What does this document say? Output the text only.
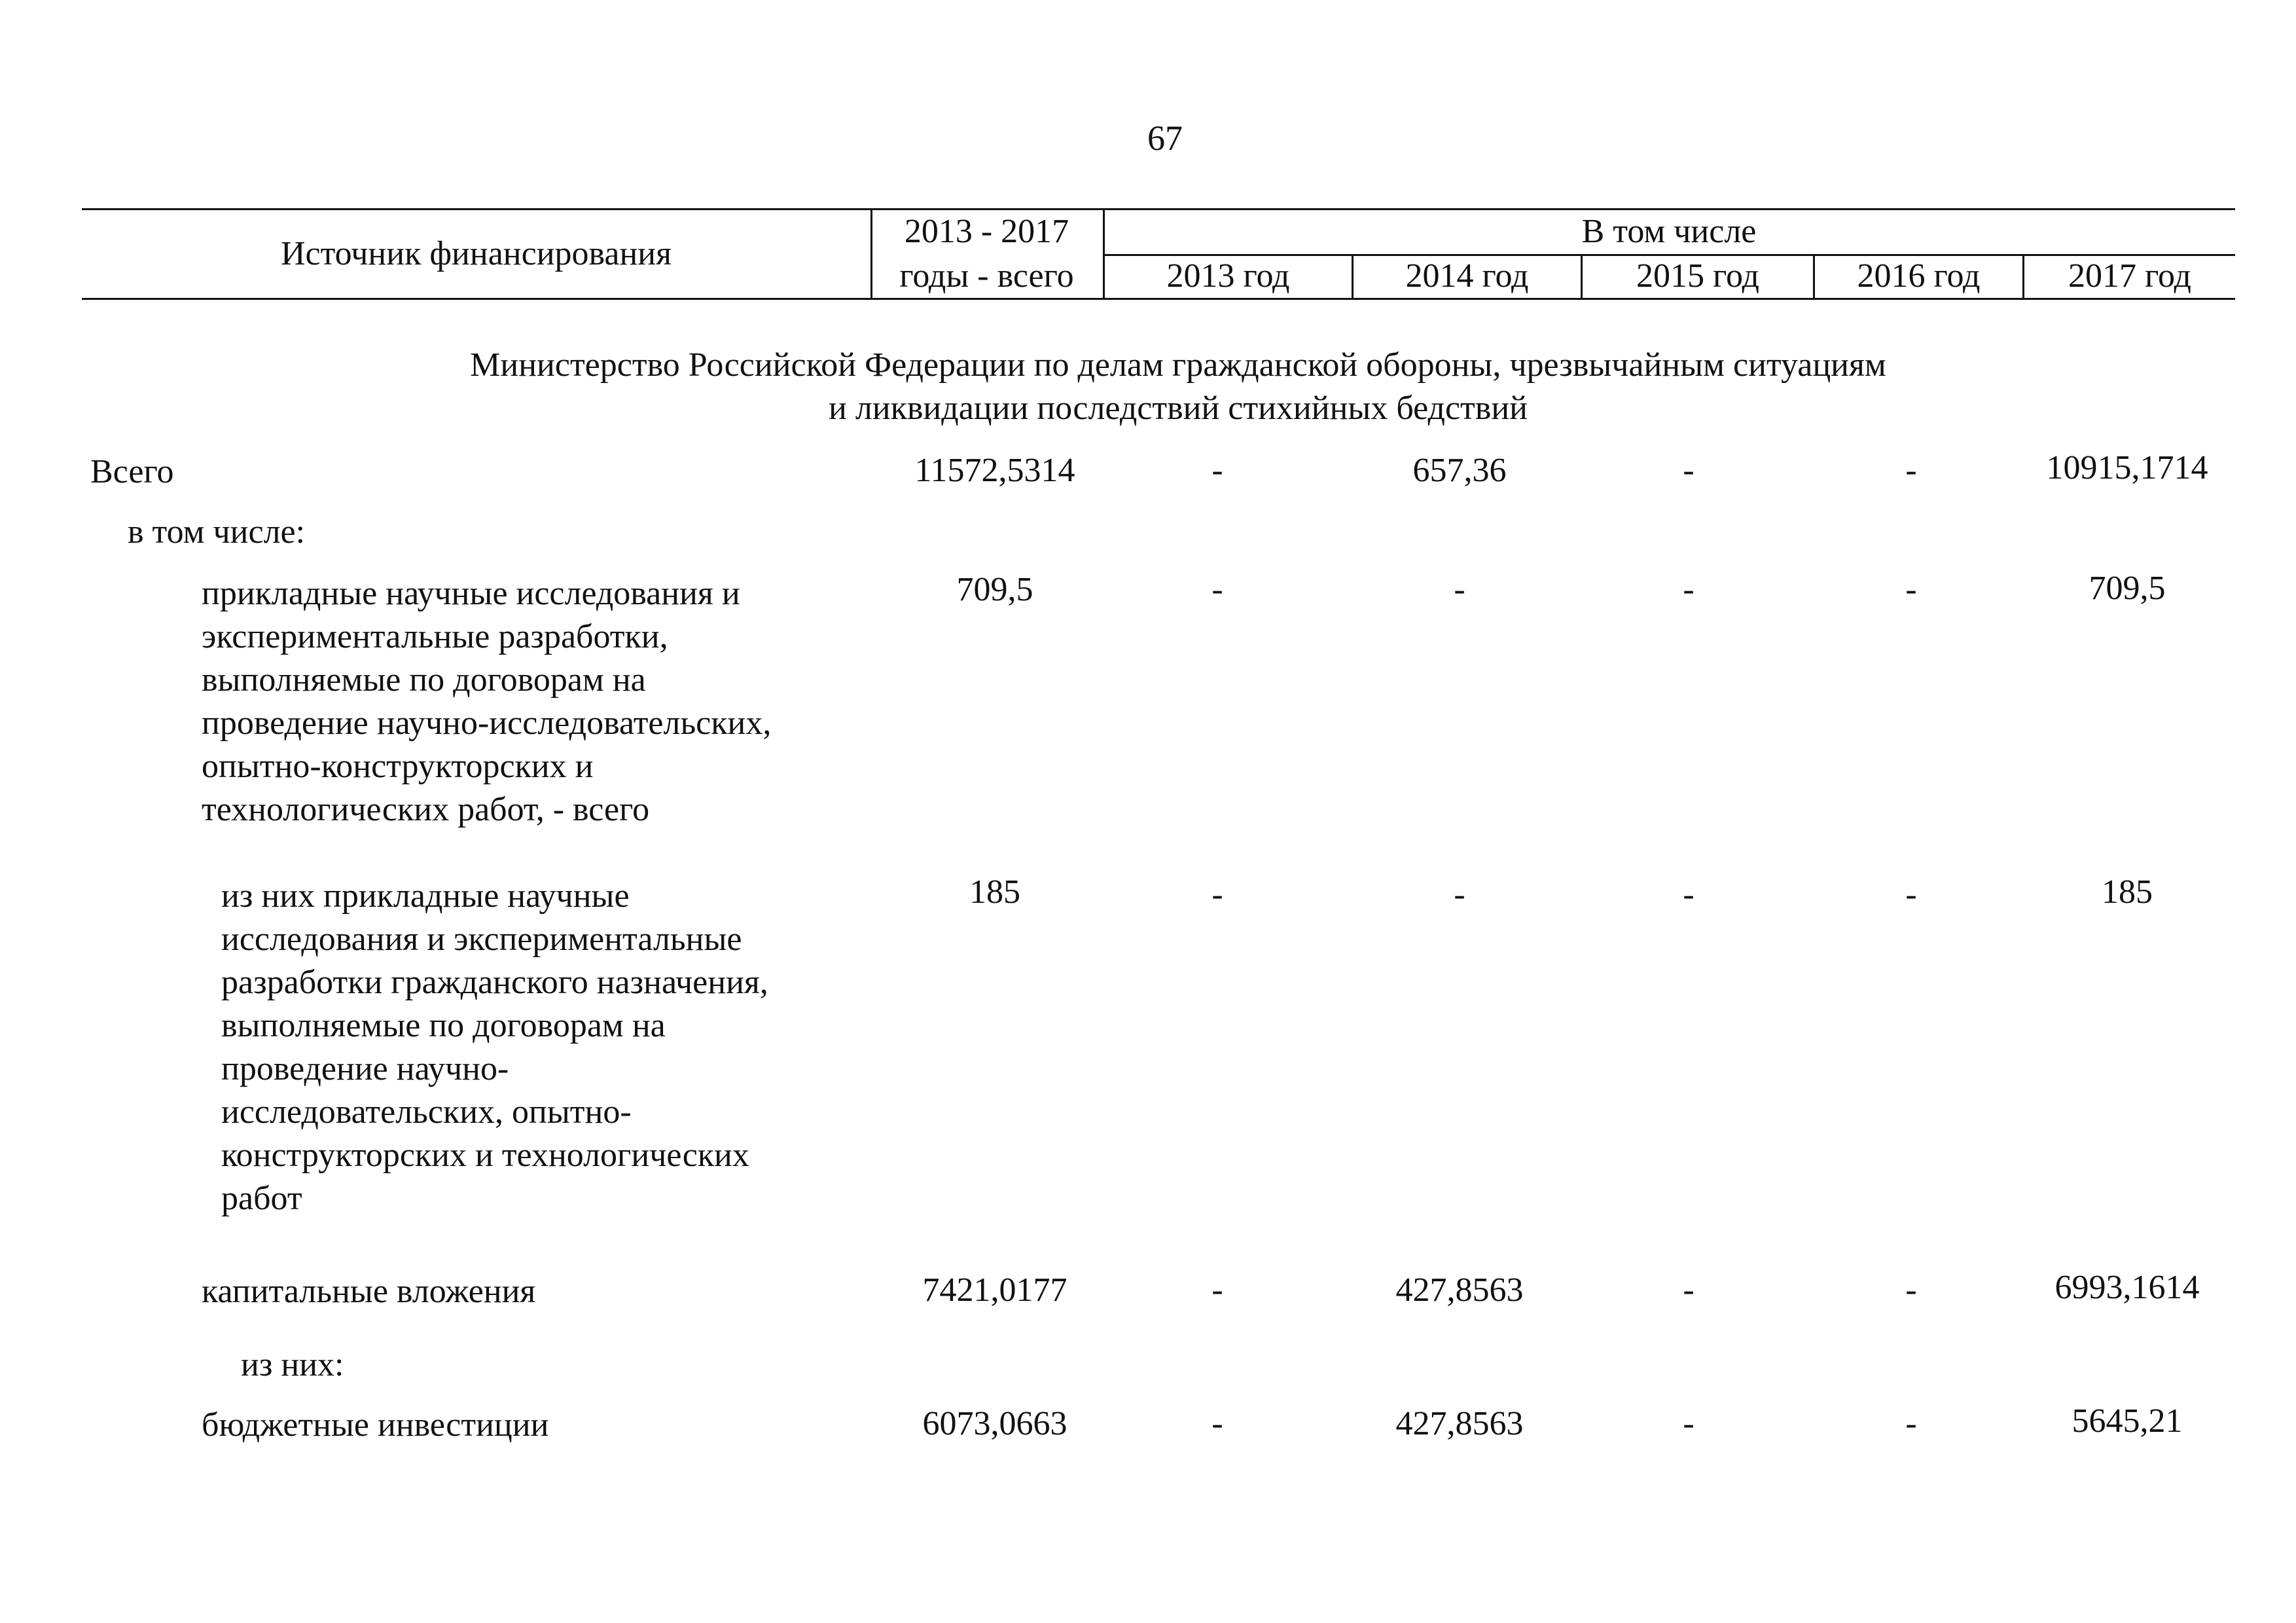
67
Источник финансирования
2013 - 2017
годы - всего
В том числе
2013 год	2014 год	2015 год	2016 год	2017 год
Министерство Российской Федерации по делам гражданской обороны, чрезвычайным ситуациям
и ликвидации последствий стихийных бедствий
Всего	11572,5314	-	657,36	-	-	10915,1714
в том числе:
прикладные научные исследования и
экспериментальные разработки,
выполняемые по договорам на
проведение научно-исследовательских,
опытно-конструкторских и
технологических работ, - всего
709,5	-	-	-	-	709,5
из них прикладные научные
исследования и экспериментальные
разработки гражданского назначения,
выполняемые по договорам на
проведение научно-
исследовательских, опытно-
конструкторских и технологических
работ
185	-	-	-	-	185
капитальные вложения	7421,0177	-	427,8563	-	-	6993,1614
из них:
бюджетные инвестиции	6073,0663	-	427,8563	-	-	5645,21
